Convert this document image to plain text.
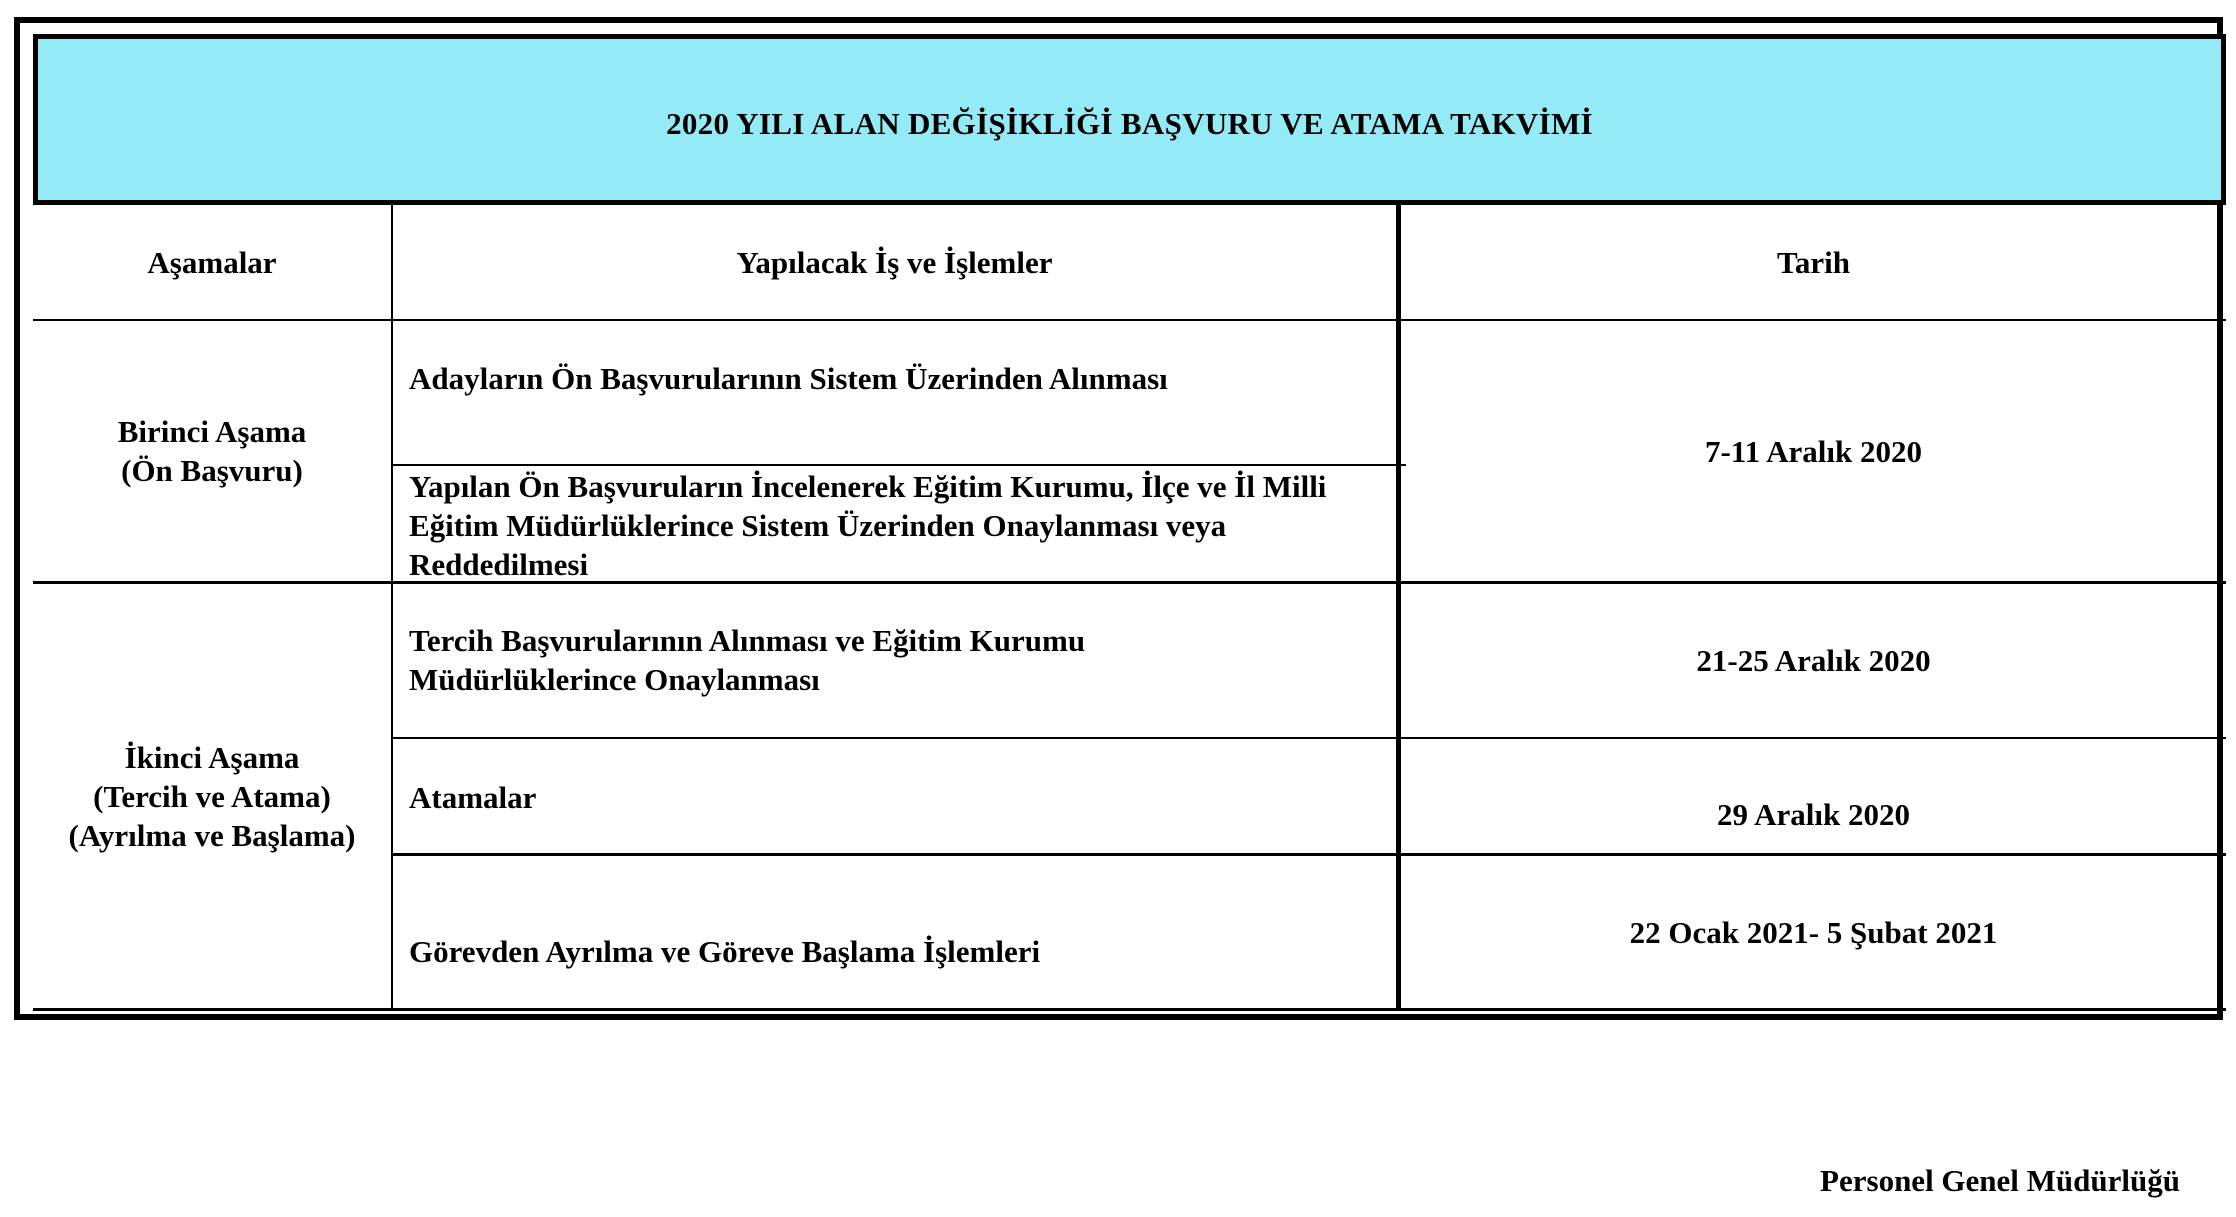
2020 YILI ALAN DEĞİŞİKLİĞİ BAŞVURU VE ATAMA TAKVİMİ
Aşamalar	Yapılacak İş ve İşlemler	Tarih
Birinci Aşama
(Ön Başvuru)
Adayların Ön Başvurularının Sistem Üzerinden Alınması
Yapılan Ön Başvuruların İncelenerek Eğitim Kurumu, İlçe ve İl Milli Eğitim Müdürlüklerince Sistem Üzerinden Onaylanması veya Reddedilmesi
7-11 Aralık 2020
İkinci Aşama
(Tercih ve Atama)
(Ayrılma ve Başlama)
Tercih Başvurularının Alınması ve Eğitim Kurumu Müdürlüklerince Onaylanması
Atamalar
Görevden Ayrılma ve Göreve Başlama İşlemleri
21-25 Aralık 2020
29 Aralık 2020
22 Ocak 2021- 5 Şubat 2021
Personel Genel Müdürlüğü
